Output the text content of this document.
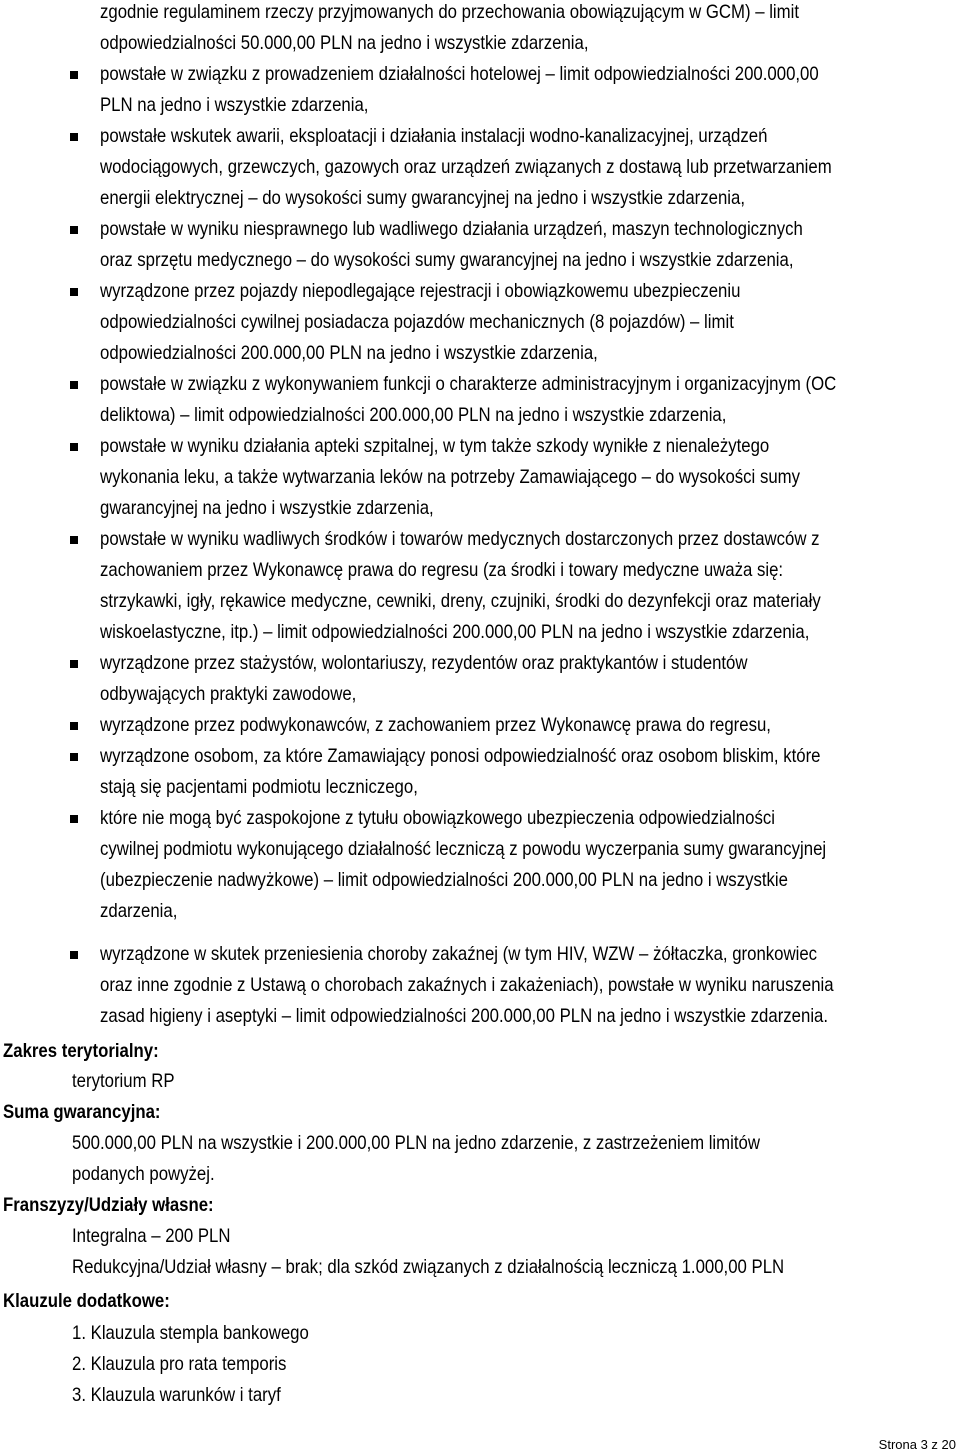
zgodnie regulaminem rzeczy przyjmowanych do przechowania obowiązującym w GCM) – limit
odpowiedzialności 50.000,00 PLN na jedno i wszystkie zdarzenia,
powstałe w związku z prowadzeniem działalności hotelowej – limit odpowiedzialności 200.000,00
PLN na jedno i wszystkie zdarzenia,
powstałe wskutek awarii, eksploatacji i działania instalacji wodno-kanalizacyjnej, urządzeń
wodociągowych, grzewczych, gazowych oraz urządzeń związanych z dostawą lub przetwarzaniem
energii elektrycznej – do wysokości sumy gwarancyjnej na jedno i wszystkie zdarzenia,
powstałe w wyniku niesprawnego lub wadliwego działania urządzeń, maszyn technologicznych
oraz sprzętu medycznego – do wysokości sumy gwarancyjnej na jedno i wszystkie zdarzenia,
wyrządzone przez pojazdy niepodlegające rejestracji i obowiązkowemu ubezpieczeniu
odpowiedzialności cywilnej posiadacza pojazdów mechanicznych (8 pojazdów) – limit
odpowiedzialności 200.000,00 PLN na jedno i wszystkie zdarzenia,
powstałe w związku z wykonywaniem funkcji o charakterze administracyjnym i organizacyjnym (OC
deliktowa) – limit odpowiedzialności 200.000,00 PLN na jedno i wszystkie zdarzenia,
powstałe w wyniku działania apteki szpitalnej, w tym także szkody wynikłe z nienależytego
wykonania leku, a także wytwarzania leków na potrzeby Zamawiającego – do wysokości sumy
gwarancyjnej na jedno i wszystkie zdarzenia,
powstałe w wyniku wadliwych środków i towarów medycznych dostarczonych przez dostawców z
zachowaniem przez Wykonawcę prawa do regresu (za środki i towary medyczne uważa się:
strzykawki, igły, rękawice medyczne, cewniki, dreny, czujniki, środki do dezynfekcji oraz materiały
wiskoelastyczne, itp.) – limit odpowiedzialności 200.000,00 PLN na jedno i wszystkie zdarzenia,
wyrządzone przez stażystów, wolontariuszy, rezydentów oraz praktykantów i studentów
odbywających praktyki zawodowe,
wyrządzone przez podwykonawców, z zachowaniem przez Wykonawcę prawa do regresu,
wyrządzone osobom, za które Zamawiający ponosi odpowiedzialność oraz osobom bliskim, które
stają się pacjentami podmiotu leczniczego,
które nie mogą być zaspokojone z tytułu obowiązkowego ubezpieczenia odpowiedzialności
cywilnej podmiotu wykonującego działalność leczniczą z powodu wyczerpania sumy gwarancyjnej
(ubezpieczenie nadwyżkowe) – limit odpowiedzialności 200.000,00 PLN na jedno i wszystkie
zdarzenia,
wyrządzone w skutek przeniesienia choroby zakaźnej (w tym HIV, WZW – żółtaczka, gronkowiec
oraz inne zgodnie z Ustawą o chorobach zakaźnych i zakażeniach), powstałe w wyniku naruszenia
zasad higieny i aseptyki – limit odpowiedzialności 200.000,00 PLN na jedno i wszystkie zdarzenia.
Zakres terytorialny:
terytorium RP
Suma gwarancyjna:
500.000,00 PLN na wszystkie i 200.000,00 PLN na jedno zdarzenie, z zastrzeżeniem limitów
podanych powyżej.
Franszyzy/Udziały własne:
Integralna – 200 PLN
Redukcyjna/Udział własny – brak; dla szkód związanych z działalnością leczniczą 1.000,00 PLN
Klauzule dodatkowe:
1. Klauzula stempla bankowego
2. Klauzula pro rata temporis
3. Klauzula warunków i taryf
Strona 3 z 20
